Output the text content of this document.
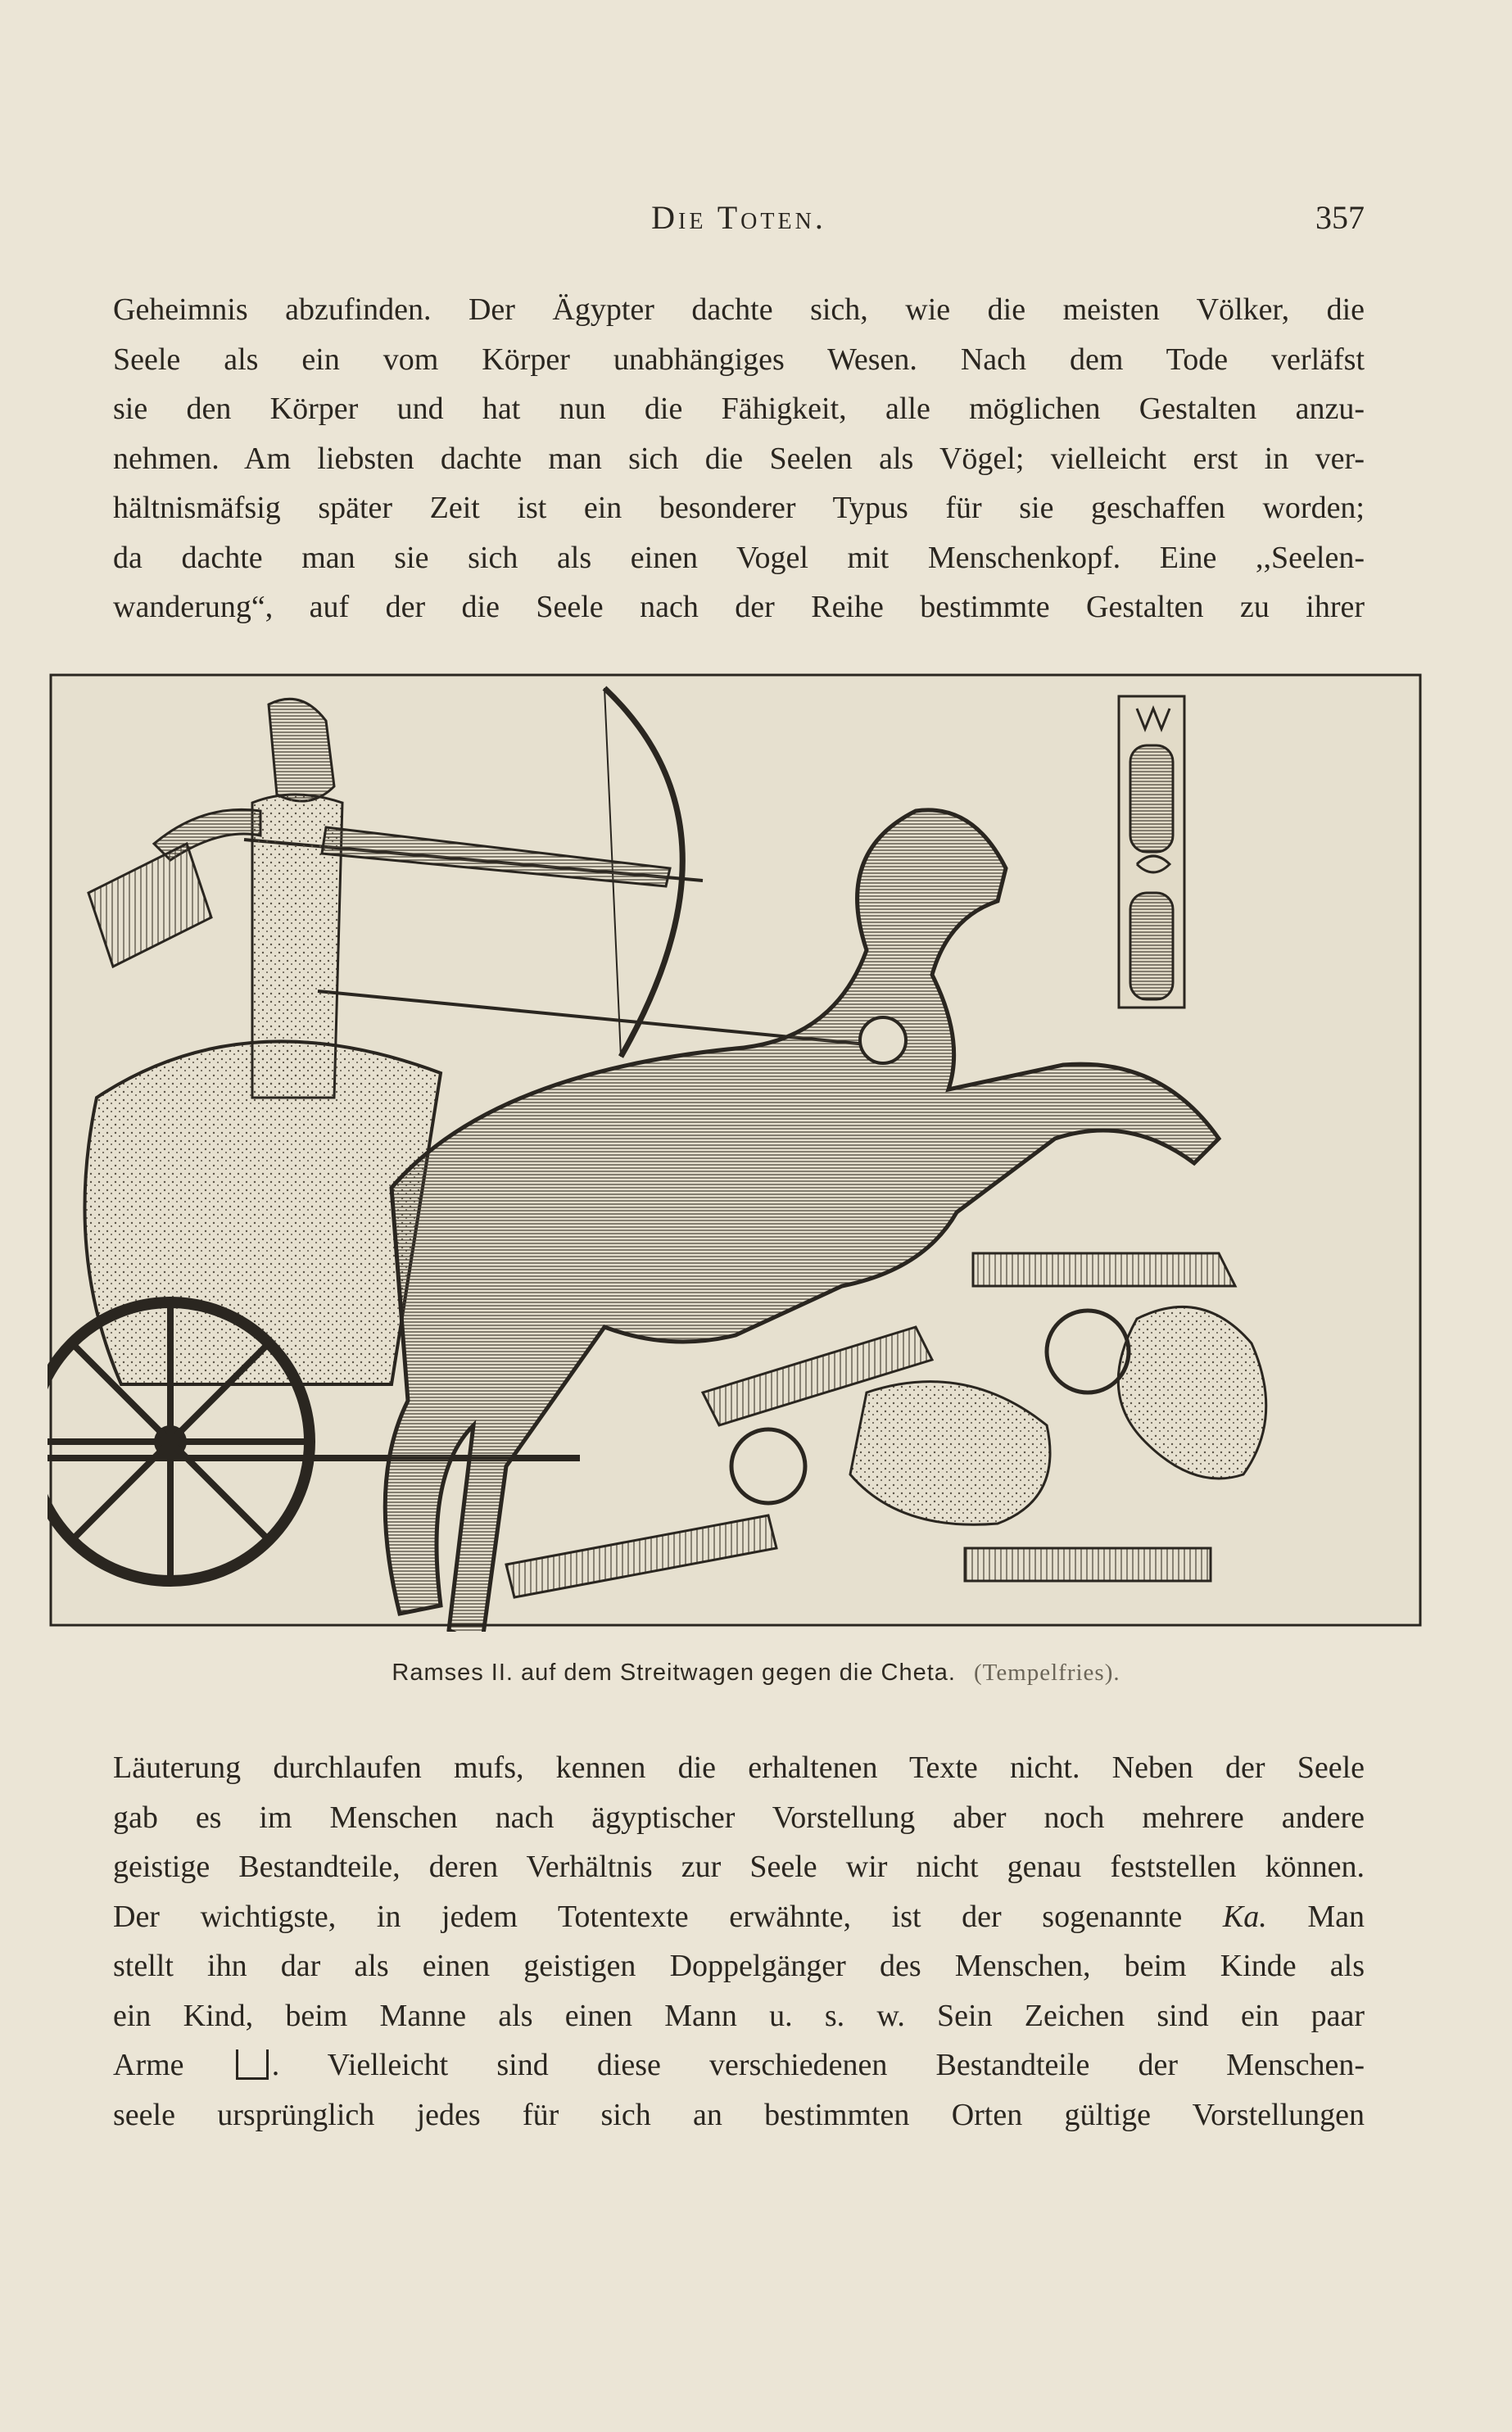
Die Toten.	357
Geheimnis abzufinden. Der Ägypter dachte sich, wie die meisten Völker, die
Seele als ein vom Körper unabhängiges Wesen. Nach dem Tode verläfst
sie den Körper und hat nun die Fähigkeit, alle möglichen Gestalten anzu-
nehmen. Am liebsten dachte man sich die Seelen als Vögel; vielleicht erst in ver-
hältnismäfsig später Zeit ist ein besonderer Typus für sie geschaffen worden;
da dachte man sie sich als einen Vogel mit Menschenkopf. Eine ,,Seelen-
wanderung“, auf der die Seele nach der Reihe bestimmte Gestalten zu ihrer
Ramses II. auf dem Streitwagen gegen die Cheta. (Tempelfries).
Läuterung durchlaufen mufs, kennen die erhaltenen Texte nicht. Neben der Seele
gab es im Menschen nach ägyptischer Vorstellung aber noch mehrere andere
geistige Bestandteile, deren Verhältnis zur Seele wir nicht genau feststellen können.
Der wichtigste, in jedem Totentexte erwähnte, ist der sogenannte Ka. Man
stellt ihn dar als einen geistigen Doppelgänger des Menschen, beim Kinde als
ein Kind, beim Manne als einen Mann u. s. w. Sein Zeichen sind ein paar
Arme	. Vielleicht sind diese verschiedenen Bestandteile der Menschen-
seele ursprünglich jedes für sich an bestimmten Orten gültige Vorstellungen
